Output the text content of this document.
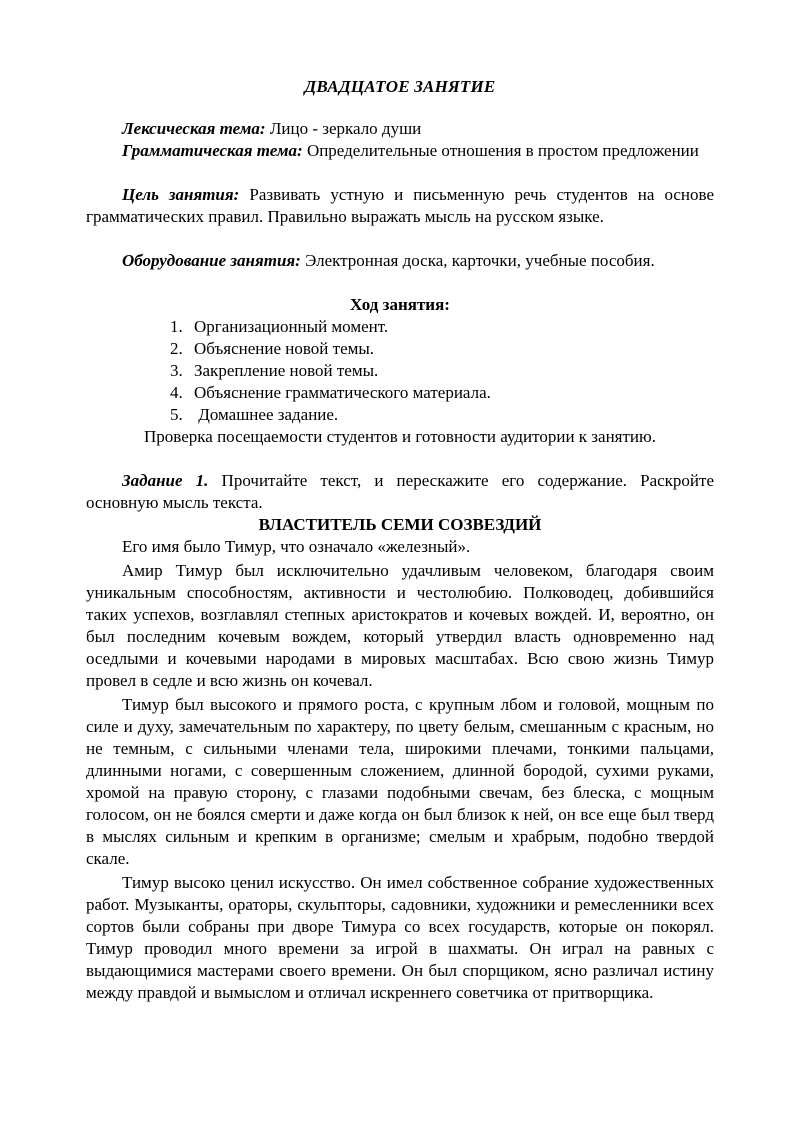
ДВАДЦАТОЕ ЗАНЯТИЕ

Лексическая тема: Лицо - зеркало души

Грамматическая тема: Определительные отношения в простом предложении

Цель занятия: Развивать устную и письменную речь студентов на основе грамматических правил. Правильно выражать мысль на русском языке.

Оборудование занятия: Электронная доска, карточки, учебные пособия.

Ход занятия:
1. Организационный момент.
2. Объяснение новой темы.
3. Закрепление новой темы.
4. Объяснение грамматического материала.
5. Домашнее задание.

Проверка посещаемости студентов и готовности аудитории к занятию.

Задание 1. Прочитайте текст, и перескажите его содержание. Раскройте основную мысль текста.

ВЛАСТИТЕЛЬ СЕМИ СОЗВЕЗДИЙ

Его имя было Тимур, что означало «железный».

Амир Тимур был исключительно удачливым человеком, благодаря своим уникальным способностям, активности и честолюбию. Полководец, добившийся таких успехов, возглавлял степных аристократов и кочевых вождей. И, вероятно, он был последним кочевым вождем, который утвердил власть одновременно над оседлыми и кочевыми народами в мировых масштабах. Всю свою жизнь Тимур провел в седле и всю жизнь он кочевал.

Тимур был высокого и прямого роста, с крупным лбом и головой, мощным по силе и духу, замечательным по характеру, по цвету белым, смешанным с красным, но не темным, с сильными членами тела, широкими плечами, тонкими пальцами, длинными ногами, с совершенным сложением, длинной бородой, сухими руками, хромой на правую сторону, с глазами подобными свечам, без блеска, с мощным голосом, он не боялся смерти и даже когда он был близок к ней, он все еще был тверд в мыслях сильным и крепким в организме; смелым и храбрым, подобно твердой скале.

Тимур высоко ценил искусство. Он имел собственное собрание художественных работ. Музыканты, ораторы, скульпторы, садовники, художники и ремесленники всех сортов были собраны при дворе Тимура со всех государств, которые он покорял. Тимур проводил много времени за игрой в шахматы. Он играл на равных с выдающимися мастерами своего времени. Он был спорщиком, ясно различал истину между правдой и вымыслом и отличал искреннего советчика от притворщика.
